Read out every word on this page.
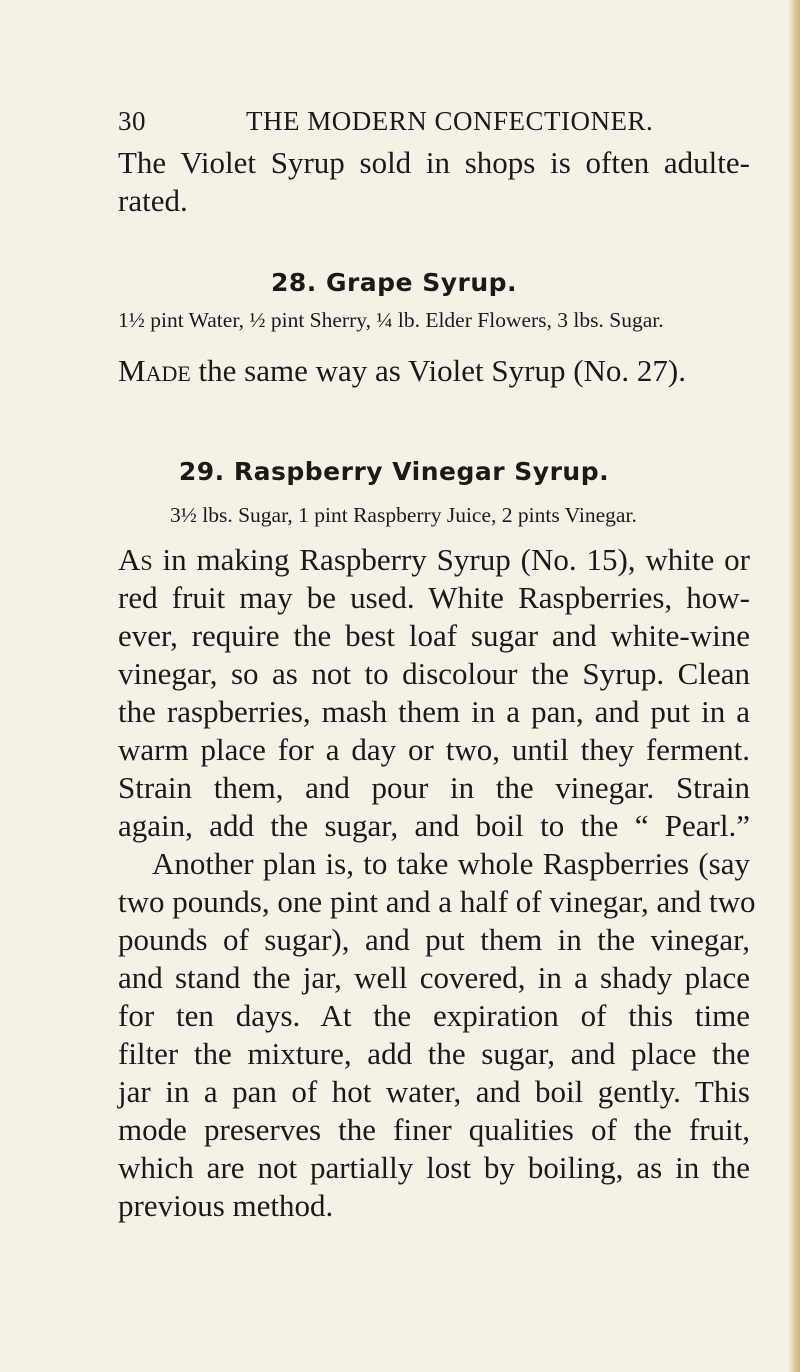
30	THE MODERN CONFECTIONER.
The Violet Syrup sold in shops is often adulte-
rated.
28. Grape Syrup.
1½ pint Water, ½ pint Sherry, ¼ lb. Elder Flowers, 3 lbs. Sugar.
Made the same way as Violet Syrup (No. 27).
29. Raspberry Vinegar Syrup.
3½ lbs. Sugar, 1 pint Raspberry Juice, 2 pints Vinegar.
As in making Raspberry Syrup (No. 15), white or
red fruit may be used. White Raspberries, how-
ever, require the best loaf sugar and white-wine
vinegar, so as not to discolour the Syrup. Clean
the raspberries, mash them in a pan, and put in a
warm place for a day or two, until they ferment.
Strain them, and pour in the vinegar. Strain
again, add the sugar, and boil to the “ Pearl.”
Another plan is, to take whole Raspberries (say
two pounds, one pint and a half of vinegar, and two
pounds of sugar), and put them in the vinegar,
and stand the jar, well covered, in a shady place
for ten days. At the expiration of this time
filter the mixture, add the sugar, and place the
jar in a pan of hot water, and boil gently. This
mode preserves the finer qualities of the fruit,
which are not partially lost by boiling, as in the
previous method.
